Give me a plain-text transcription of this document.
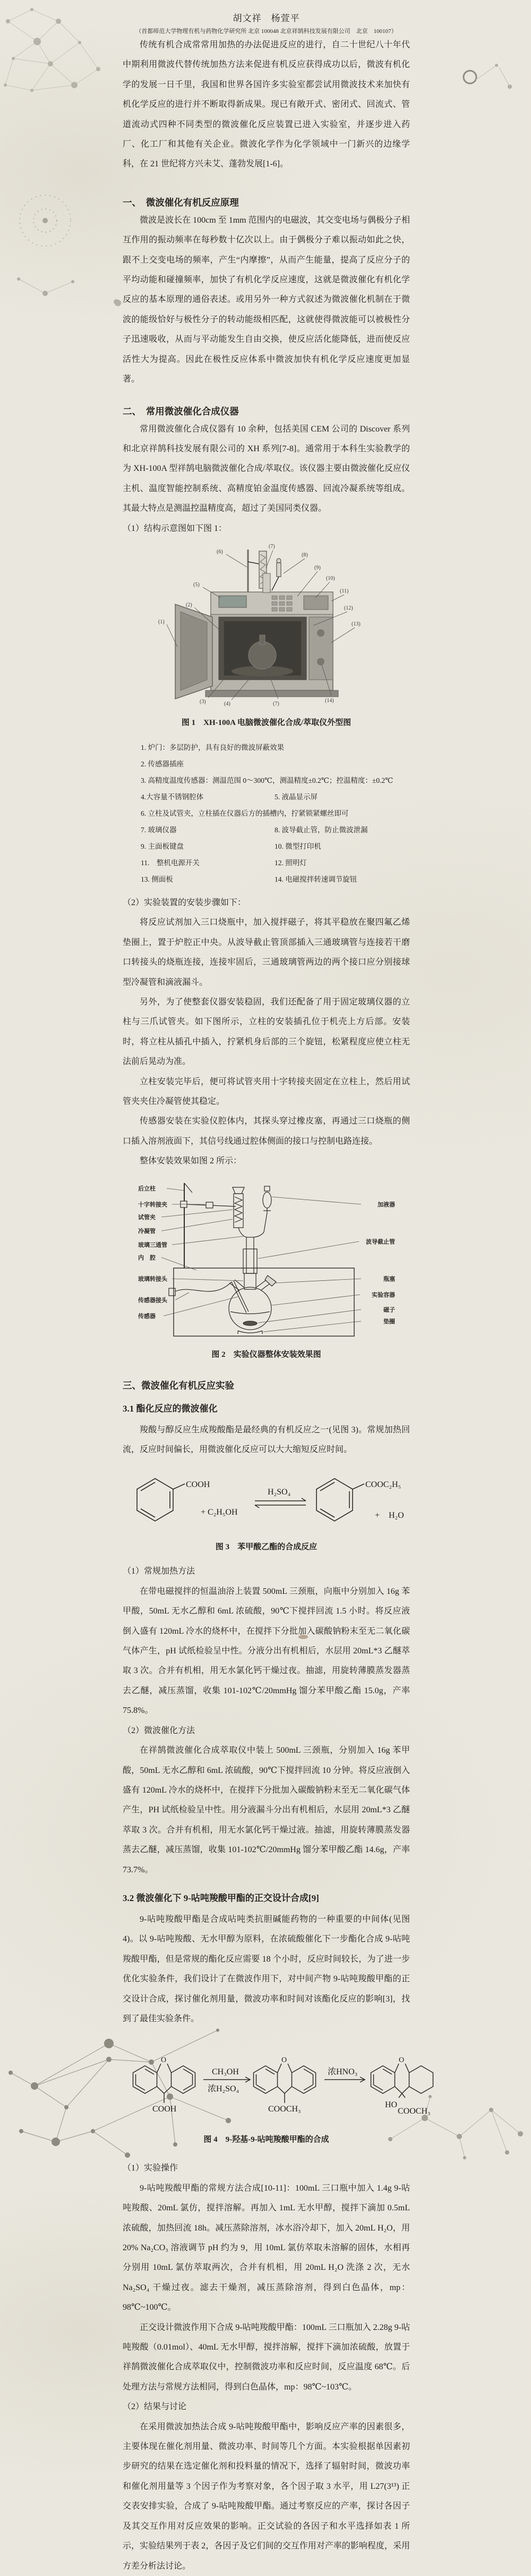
胡文祥　杨萱平
（首都师范大学物理有机与药物化学研究所 北京 100048 北京祥鹄科技发展有限公司　北京　100107）

传统有机合成常常用加热的办法促进反应的进行，自二十世纪八十年代中期利用微波代替传统加热方法来促进有机反应获得成功以后，微波有机化学的发展一日千里，我国和世界各国许多实验室都尝试用微波技术来加快有机化学反应的进行并不断取得新成果。现已有敞开式、密闭式、回流式、管道流动式四种不同类型的微波催化反应装置已进入实验室，并逐步进入药厂、化工厂和其他有关企业。微波化学作为化学领域中一门新兴的边缘学科，在 21 世纪将方兴未艾、蓬勃发展[1-6]。

一、　微波催化有机反应原理

微波是波长在 100cm 至 1mm 范围内的电磁波，其交变电场与偶极分子相互作用的振动频率在每秒数十亿次以上。由于偶极分子难以振动如此之快，跟不上交变电场的频率，产生“内摩擦”，从而产生能量，提高了反应分子的平均动能和碰撞频率，加快了有机化学反应速度，这就是微波催化有机化学反应的基本原理的通俗表述。或用另外一种方式叙述为微波催化机制在于微波的能级恰好与极性分子的转动能级相匹配，这就使得微波能可以被极性分子迅速吸收，从而与平动能发生自由交换，使反应活化能降低，进而使反应活性大为提高。因此在极性反应体系中微波加快有机化学反应速度更加显著。

二、　常用微波催化合成仪器

常用微波催化合成仪器有 10 余种，包括美国 CEM 公司的 Discover 系列和北京祥鹄科技发展有限公司的 XH 系列[7-8]。通常用于本科生实验教学的为 XH-100A 型祥鹄电脑微波催化合成/萃取仪。该仪器主要由微波催化反应仪主机、温度智能控制系统、高精度铂金温度传感器、回流冷凝系统等组成。其最大特点是测温控温精度高，超过了美国同类仪器。

（1）结构示意图如下图 1：

(1)
(2)
(3)	(4)
(5)
(6)
(7)
(7)
(8)
(9)
(10)
(11)
(12)
(13)
(14)
图 1　XH-100A 电脑微波催化合成/萃取仪外型图
1. 炉门：多层防护，具有良好的微波屏蔽效果
2. 传感器插座
3. 高精度温度传感器：测温范围 0～300℃，测温精度±0.2℃；控温精度：±0.2℃
4.大容量不锈钢腔体	5. 液晶显示屏
6. 立柱及试管夹，立柱插在仪器后方的插槽内，拧紧锁紧螺丝即可
7. 玻璃仪器	8. 波导截止管，防止微波泄漏
9. 主面板键盘	10. 微型打印机
11.　整机电源开关	12. 照明灯
13. 侧面板	14. 电磁搅拌转速调节旋钮

（2）实验装置的安装步骤如下：

将反应试剂加入三口烧瓶中，加入搅拌磁子，将其平稳放在聚四氟乙烯垫圈上，置于炉腔正中央。从波导截止管顶部插入三通玻璃管与连接若干磨口转接头的烧瓶连接，连接牢固后，三通玻璃管两边的两个接口应分别接球型冷凝管和滴液漏斗。

另外，为了使整套仪器安装稳固，我们还配备了用于固定玻璃仪器的立柱与三爪试管夹。如下图所示，立柱的安装插孔位于机壳上方后部。安装时，将立柱从插孔中插入，拧紧机身后部的三个旋钮，松紧程度应使立柱无法前后晃动为准。

立柱安装完毕后，便可将试管夹用十字转接夹固定在立柱上，然后用试管夹夹住冷凝管使其稳定。

传感器安装在实验仪腔体内，其探头穿过橡皮塞，再通过三口烧瓶的侧口插入溶剂液面下，其信号线通过腔体侧面的接口与控制电路连接。

整体安装效果如图 2 所示：

后立柱
十字转接夹
试管夹
冷凝管
玻璃三通管
内　腔
玻璃转接头
传感器接头
传感器
加液器
波导截止管
瓶塞
实验容器
磁子
垫圈
图 2　实验仪器整体安装效果图
三、微波催化有机反应实验
3.1 酯化反应的微波催化

羧酸与醇反应生成羧酸酯是最经典的有机反应之一(见图 3)。常规加热回流，反应时间偏长，用微波催化反应可以大大缩短反应时间。

COOH
+ C₂H₅OH
H₂SO₄
COOC₂H₅
+ H₂O
图 3　苯甲酸乙酯的合成反应

（1）常规加热方法

在带电磁搅拌的恒温油浴上装置 500mL 三颈瓶，向瓶中分别加入 16g 苯甲酸，50mL 无水乙醇和 6mL 浓硫酸，90℃下搅拌回流 1.5 小时。将反应液倒入盛有 120mL 冷水的烧杯中，在搅拌下分批加入碳酸钠粉末至无二氧化碳气体产生，pH 试纸检验呈中性。分液分出有机相后，水层用 20mL*3 乙醚萃取 3 次。合并有机相，用无水氯化钙干燥过夜。抽滤，用旋转薄膜蒸发器蒸去乙醚，减压蒸馏，收集 101-102℃/20mmHg 馏分苯甲酸乙酯 15.0g，产率 75.8%。

（2）微波催化方法

在祥鹄微波催化合成萃取仪中装上 500mL 三颈瓶，分别加入 16g 苯甲酸，50mL 无水乙醇和 6mL 浓硫酸，90℃下搅拌回流 10 分钟。将反应液倒入盛有 120mL 冷水的烧杯中，在搅拌下分批加入碳酸钠粉末至无二氧化碳气体产生，PH 试纸检验呈中性。用分液漏斗分出有机相后，水层用 20mL*3 乙醚萃取 3 次。合并有机相，用无水氯化钙干燥过液。抽滤，用旋转薄膜蒸发器蒸去乙醚，减压蒸馏，收集 101-102℃/20mmHg 馏分苯甲酸乙酯 14.6g，产率 73.7%。

3.2 微波催化下 9-呫吨羧酸甲酯的正交设计合成[9]

9-呫吨羧酸甲酯是合成呫吨类抗胆碱能药物的一种重要的中间体(见图 4)。以 9-呫吨羧酸、无水甲醇为原料，在浓硫酸催化下一步酯化合成 9-呫吨羧酸甲酯，但是常规的酯化反应需要 18 个小时，反应时间较长，为了进一步优化实验条件，我们设计了在微波作用下，对中间产物 9-呫吨羧酸甲酯的正交设计合成，探讨催化剂用量，微波功率和时间对该酯化反应的影响[3]，找到了最佳实验条件。

O	O	O
COOH
CH₃OH
浓H₂SO₄
COOCH₃
浓HNO₃
HO
COOCH₃
图 4　9-羟基-9-呫吨羧酸甲酯的合成

（1）实验操作

9-呫吨羧酸甲酯的常规方法合成[10-11]：100mL 三口瓶中加入 1.4g 9-呫吨羧酸、20mL 氯仿，搅拌溶解。再加入 1mL 无水甲醇，搅拌下滴加 0.5mL 浓硫酸，加热回流 18h。减压蒸除溶剂，冰水浴冷却下，加入 20mL H₂O，用 20% Na₂CO₃ 溶液调节 pH 约为 9，用 10mL 氯仿萃取未溶解的固体，水相再分别用 10mL 氯仿萃取两次，合并有机相，用 20mL H₂O 洗涤 2 次，无水 Na₂SO₄ 干燥过夜。滤去干燥剂，减压蒸除溶剂，得到白色晶体，mp：98℃~100℃。

正交设计微波作用下合成 9-呫吨羧酸甲酯：100mL 三口瓶加入 2.28g 9-呫吨羧酸（0.01mol）、40mL 无水甲醇，搅拌溶解，搅拌下滴加浓硫酸，放置于祥鹄微波催化合成萃取仪中，控制微波功率和反应时间，反应温度 68℃。后处理方法与常规方法相同，得到白色晶体，mp：98℃~103℃。

（2）结果与讨论

在采用微波加热法合成 9-呫吨羧酸甲酯中，影响反应产率的因素很多，主要体现在催化剂用量、微波功率、时间等几个方面。本实验根据单因素初步研究的结果在选定催化剂和投料量的情况下，选择了辐射时间，微波功率和催化剂用量等 3 个因子作为考察对象，各个因子取 3 水平，用 L27(3¹³) 正交表安排实验，合成了 9-呫吨羧酸甲酯。通过考察反应的产率，探讨各因子及其交互作用对反应效果的影响。正交试验的各因子和水平选择如表 1 所示，实验结果列于表 2，各因子及它们间的交互作用对产率的影响程度，采用方差分析法讨论。
